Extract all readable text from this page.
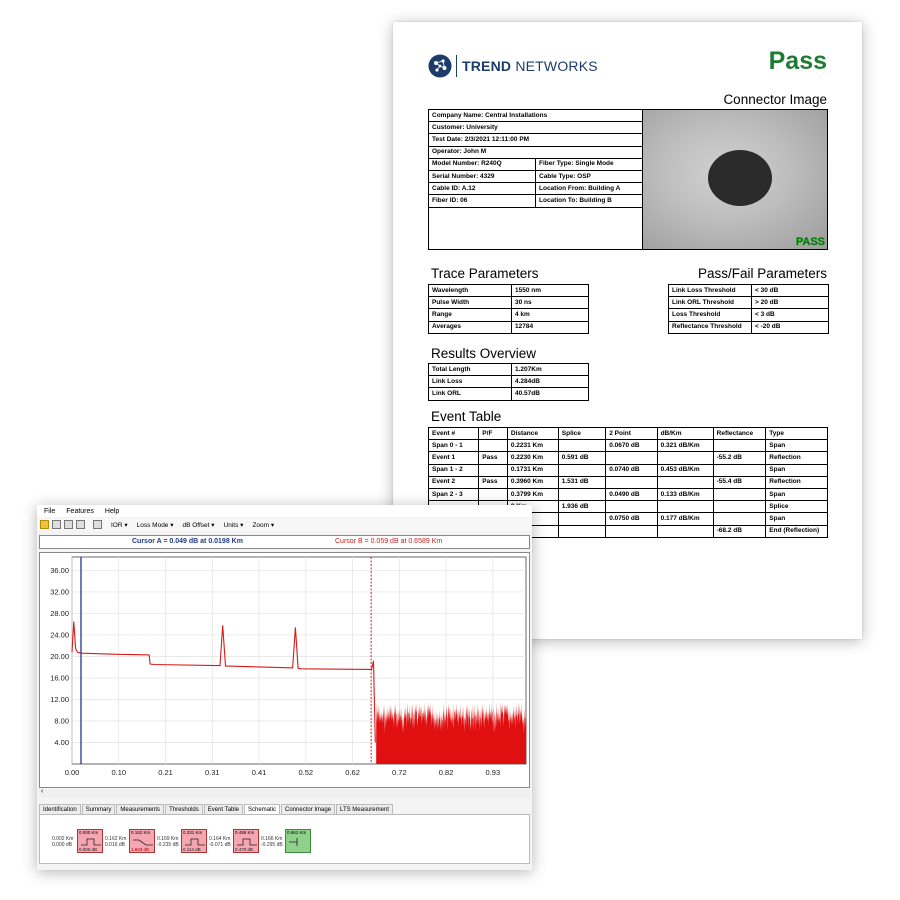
TREND NETWORKS	Pass
Connector Image
Company Name: Central Installations	
Customer: University	
Test Date: 2/3/2021 12:11:00 PM	
Operator: John M	
Model Number: R240Q	Fiber Type: Single Mode
Serial Number: 4329	Cable Type: OSP
Cable ID: A.12	Location From: Building A
Fiber ID: 06	Location To: Building B
PASS
Trace Parameters
Wavelength	1550 nm
Pulse Width	30 ns
Range	4 km
Averages	12784
Pass/Fail Parameters
Link Loss Threshold	< 30 dB
Link ORL Threshold	> 20 dB
Loss Threshold	< 3 dB
Reflectance Threshold	< -20 dB
Results Overview
Total Length	1.207Km
Link Loss	4.284dB
Link ORL	40.57dB
Event Table
Event #	P/F	Distance	Splice	2 Point	dB/Km	Reflectance	Type
Span 0 - 1		0.2231 Km		0.0670 dB	0.321 dB/Km		Span
Event 1	Pass	0.2230 Km	0.591 dB			-55.2 dB	Reflection
Span 1 - 2		0.1731 Km		0.0740 dB	0.453 dB/Km		Span
Event 2	Pass	0.3960 Km	1.531 dB			-55.4 dB	Reflection
Span 2 - 3		0.3799 Km		0.0490 dB	0.133 dB/Km		Span
			1.936 dB				Splice
				0.0750 dB	0.177 dB/Km		Span
						-68.2 dB	End (Reflection)
File Features Help
IOR ▾ Loss Mode ▾ dB Offset ▾ Units ▾ Zoom ▾
Cursor A = 0.049 dB at 0.0198 Km	Cursor B = 0.059 dB at 0.6589 Km
4.00
8.00
12.00
16.00
20.00
24.00
28.00
32.00
36.00
0.00	0.10	0.21	0.31	0.41	0.52	0.62	0.72	0.82	0.93
‹
Identification	Summary	Measurements	Thresholds	Event Table	Schematic	Connector Image	LTS Measurement
0.002 Km
0.000 dB
0.000 Km
0.000 dB
0.162 Km
0.016 dB
0.162 Km
1.603 dB
0.169 Km
-0.235 dB
0.331 Km
0.114 dB
0.164 Km
-0.071 dB
0.495 Km
0.470 dB
0.166 Km
-0.295 dB
0.661 Km
